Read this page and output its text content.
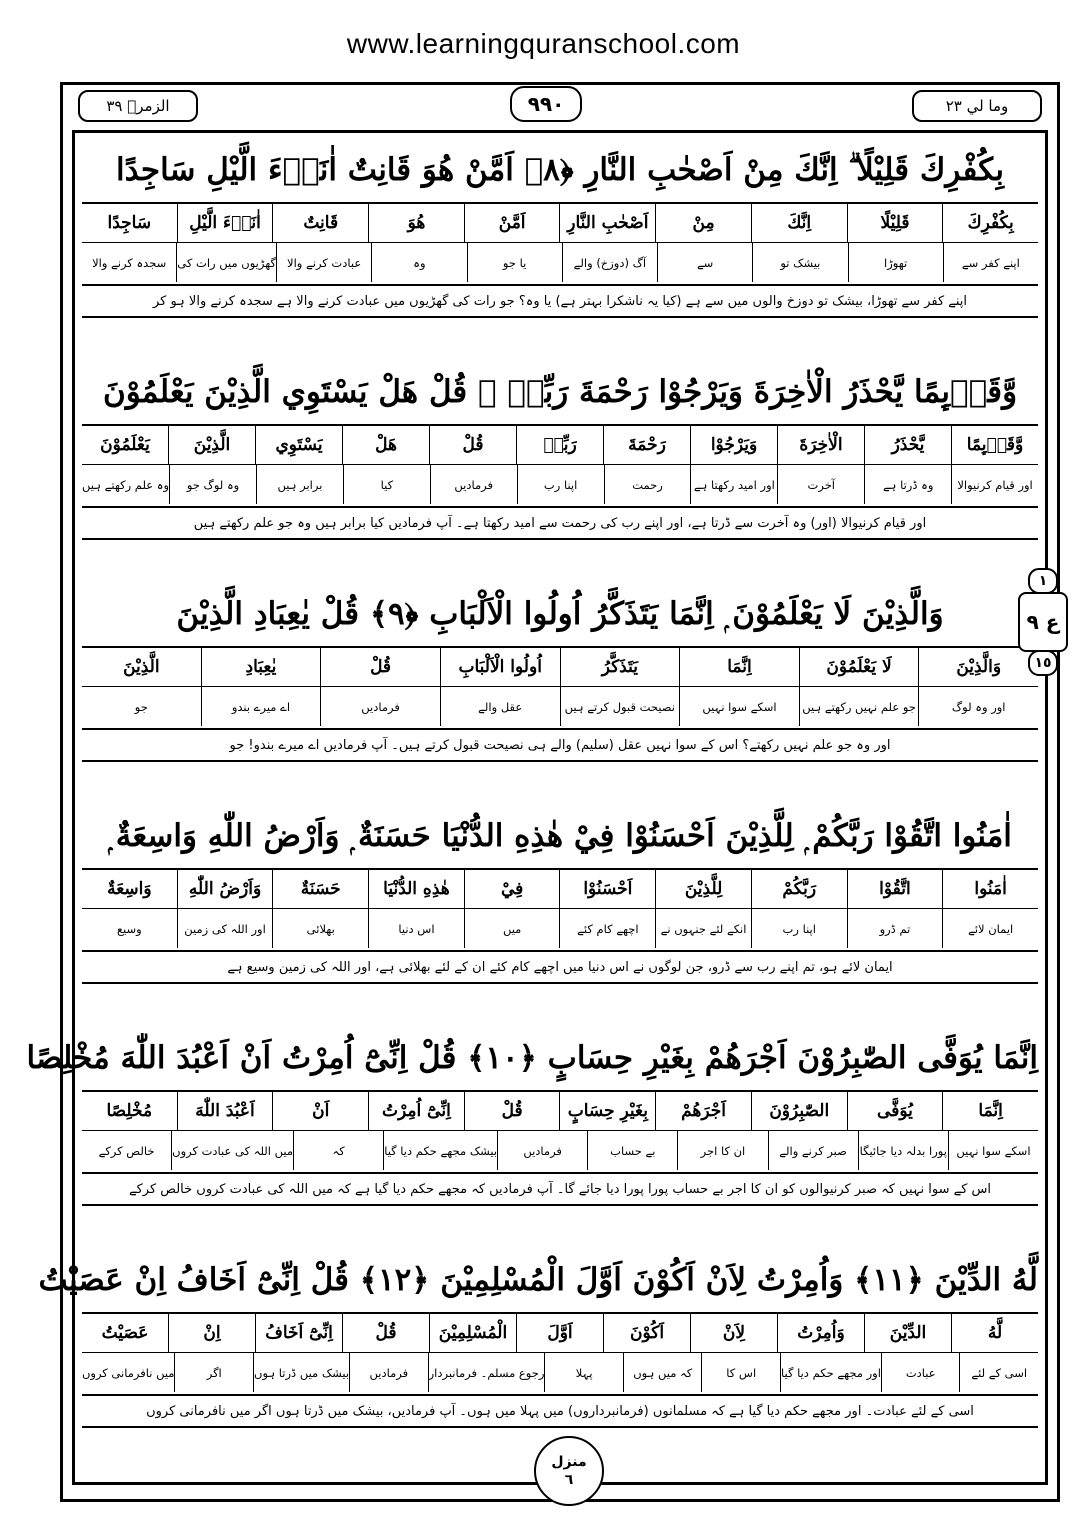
www.learningquranschool.com
الزمرٖ ٣٩	٩٩٠	وما لي ٢٣
بِكُفْرِكَ قَلِيْلًا ۗ اِنَّكَ مِنْ اَصْحٰبِ النَّارِ ﴿٨﴾ اَمَّنْ هُوَ قَانِتٌ اٰنَاۗءَ الَّيْلِ سَاجِدًا
بِكُفْرِكَ
قَلِيْلًا
اِنَّكَ
مِنْ
اَصْحٰبِ النَّارِ
اَمَّنْ
هُوَ
قَانِتٌ
اٰنَاۗءَ الَّيْلِ
سَاجِدًا
اپنے کفر سے
تھوڑا
بیشک تو
سے
آگ (دوزخ) والے
یا جو
وہ
عبادت کرنے والا
گھڑیوں میں رات کی
سجدہ کرنے والا
اپنے کفر سے تھوڑا، بیشک تو دوزخ والوں میں سے ہے (کیا یہ ناشکرا بہتر ہے) یا وہ؟ جو رات کی گھڑیوں میں عبادت کرنے والا ہے سجدہ کرنے والا ہو کر
وَّقَاۗىِٕمًا يَّحْذَرُ الْاٰخِرَةَ وَيَرْجُوْا رَحْمَةَ رَبِّهٖ ۭ قُلْ هَلْ يَسْتَوِي الَّذِيْنَ يَعْلَمُوْنَ
وَّقَاۗىِٕمًا
يَّحْذَرُ
الْاٰخِرَةَ
وَيَرْجُوْا
رَحْمَةَ
رَبِّهٖ
قُلْ
هَلْ
يَسْتَوِي
الَّذِيْنَ
يَعْلَمُوْنَ
اور قیام کرنیوالا
وہ ڈرتا ہے
آخرت
اور امید رکھتا ہے
رحمت
اپنا رب
فرمادیں
کیا
برابر ہیں
وہ لوگ جو
وہ علم رکھتے ہیں
اور قیام کرنیوالا (اور) وہ آخرت سے ڈرتا ہے، اور اپنے رب کی رحمت سے امید رکھتا ہے۔ آپ فرمادیں کیا برابر ہیں وہ جو علم رکھتے ہیں
وَالَّذِيْنَ لَا يَعْلَمُوْنَ ۭ اِنَّمَا يَتَذَكَّرُ اُولُوا الْاَلْبَابِ ﴿٩﴾ قُلْ يٰعِبَادِ الَّذِيْنَ
وَالَّذِيْنَ
لَا يَعْلَمُوْنَ
اِنَّمَا
يَتَذَكَّرُ
اُولُوا الْاَلْبَابِ
قُلْ
يٰعِبَادِ
الَّذِيْنَ
اور وہ لوگ
جو علم نہیں رکھتے ہیں
اسکے سوا نہیں
نصیحت قبول کرتے ہیں
عقل والے
فرمادیں
اے میرے بندو
جو
اور وہ جو علم نہیں رکھتے؟ اس کے سوا نہیں عقل (سلیم) والے ہی نصیحت قبول کرتے ہیں۔ آپ فرمادیں اے میرے بندو! جو
اٰمَنُوا اتَّقُوْا رَبَّكُمْ ۭ لِلَّذِيْنَ اَحْسَنُوْا فِيْ هٰذِهِ الدُّنْيَا حَسَنَةٌ ۭ وَاَرْضُ اللّٰهِ وَاسِعَةٌ ۭ
اٰمَنُوا
اتَّقُوْا
رَبَّكُمْ
لِلَّذِيْنَ
اَحْسَنُوْا
فِيْ
هٰذِهِ الدُّنْيَا
حَسَنَةٌ
وَاَرْضُ اللّٰهِ
وَاسِعَةٌ
ایمان لائے
تم ڈرو
اپنا رب
انکے لئے جنہوں نے
اچھے کام کئے
میں
اس دنیا
بھلائی
اور اللہ کی زمین
وسیع
ایمان لائے ہو، تم اپنے رب سے ڈرو، جن لوگوں نے اس دنیا میں اچھے کام کئے ان کے لئے بھلائی ہے، اور اللہ کی زمین وسیع ہے
اِنَّمَا يُوَفَّى الصّٰبِرُوْنَ اَجْرَهُمْ بِغَيْرِ حِسَابٍ ﴿١٠﴾ قُلْ اِنِّىْٓ اُمِرْتُ اَنْ اَعْبُدَ اللّٰهَ مُخْلِصًا
اِنَّمَا
يُوَفَّى
الصّٰبِرُوْنَ
اَجْرَهُمْ
بِغَيْرِ حِسَابٍ
قُلْ
اِنِّىْٓ اُمِرْتُ
اَنْ
اَعْبُدَ اللّٰهَ
مُخْلِصًا
اسکے سوا نہیں
پورا بدلہ دیا جائیگا
صبر کرنے والے
ان کا اجر
بے حساب
فرمادیں
بیشک مجھے حکم دیا گیا
کہ
میں اللہ کی عبادت کروں
خالص کرکے
اس کے سوا نہیں کہ صبر کرنیوالوں کو ان کا اجر بے حساب پورا پورا دیا جائے گا۔ آپ فرمادیں کہ مجھے حکم دیا گیا ہے کہ میں اللہ کی عبادت کروں خالص کرکے
لَّهُ الدِّيْنَ ﴿١١﴾ وَاُمِرْتُ لِاَنْ اَكُوْنَ اَوَّلَ الْمُسْلِمِيْنَ ﴿١٢﴾ قُلْ اِنِّىْٓ اَخَافُ اِنْ عَصَيْتُ
لَّهُ
الدِّيْنَ
وَاُمِرْتُ
لِاَنْ
اَكُوْنَ
اَوَّلَ
الْمُسْلِمِيْنَ
قُلْ
اِنِّىْٓ اَخَافُ
اِنْ
عَصَيْتُ
اسی کے لئے
عبادت
اور مجھے حکم دیا گیا
اس کا
کہ میں ہوں
پہلا
رجوع مسلم۔ فرمانبردار
فرمادیں
بیشک میں ڈرتا ہوں
اگر
میں نافرمانی کروں
اسی کے لئے عبادت۔ اور مجھے حکم دیا گیا ہے کہ مسلمانوں (فرمانبرداروں) میں پہلا میں ہوں۔ آپ فرمادیں، بیشک میں ڈرتا ہوں اگر میں نافرمانی کروں
١
ع ٩
١٥
منزل
٦
